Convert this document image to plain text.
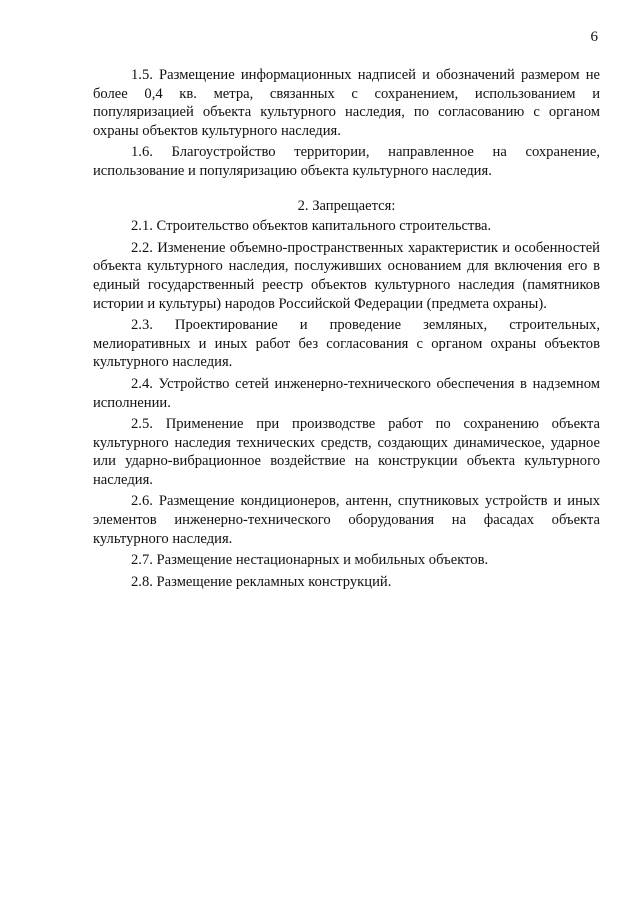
6

1.5. Размещение информационных надписей и обозначений размером не более 0,4 кв. метра, связанных с сохранением, использованием и популяризацией объекта культурного наследия, по согласованию с органом охраны объектов культурного наследия.

1.6. Благоустройство территории, направленное на сохранение, использование и популяризацию объекта культурного наследия.

2. Запрещается:

2.1. Строительство объектов капитального строительства.

2.2. Изменение объемно-пространственных характеристик и особенностей объекта культурного наследия, послуживших основанием для включения его в единый государственный реестр объектов культурного наследия (памятников истории и культуры) народов Российской Федерации (предмета охраны).

2.3. Проектирование и проведение земляных, строительных, мелиоративных и иных работ без согласования с органом охраны объектов культурного наследия.

2.4. Устройство сетей инженерно-технического обеспечения в надземном исполнении.

2.5. Применение при производстве работ по сохранению объекта культурного наследия технических средств, создающих динамическое, ударное или ударно-вибрационное воздействие на конструкции объекта культурного наследия.

2.6. Размещение кондиционеров, антенн, спутниковых устройств и иных элементов инженерно-технического оборудования на фасадах объекта культурного наследия.

2.7. Размещение нестационарных и мобильных объектов.

2.8. Размещение рекламных конструкций.
